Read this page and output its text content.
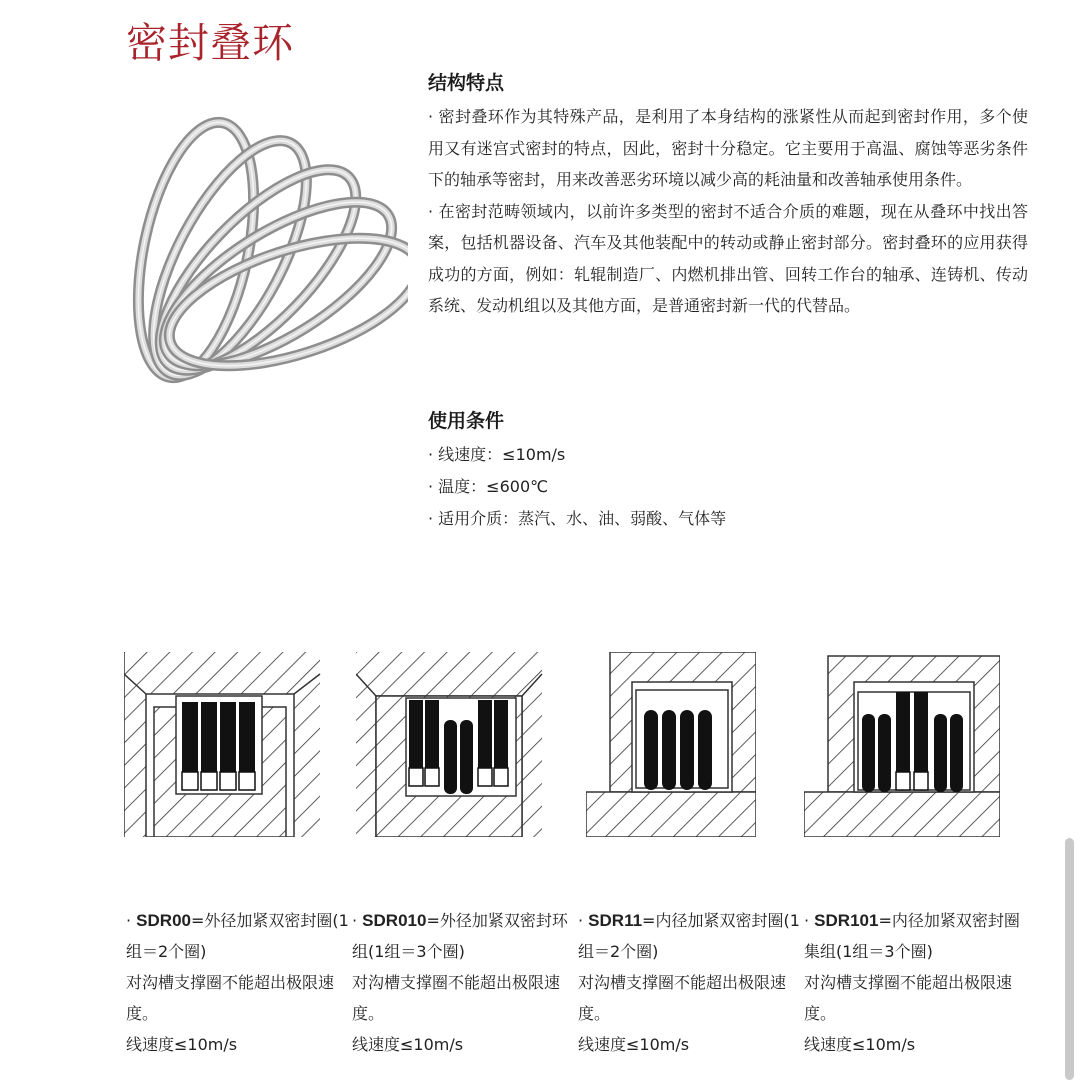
密封叠环
结构特点

· 密封叠环作为其特殊产品，是利用了本身结构的涨紧性从而起到密封作用，多个使用又有迷宫式密封的特点，因此，密封十分稳定。它主要用于高温、腐蚀等恶劣条件下的轴承等密封，用来改善恶劣环境以减少高的耗油量和改善轴承使用条件。

· 在密封范畴领域内，以前许多类型的密封不适合介质的难题，现在从叠环中找出答案，包括机器设备、汽车及其他装配中的转动或静止密封部分。密封叠环的应用获得成功的方面，例如：轧辊制造厂、内燃机排出管、回转工作台的轴承、连铸机、传动系统、发动机组以及其他方面，是普通密封新一代的代替品。

使用条件

· 线速度：≤10m/s

· 温度：≤600℃

· 适用介质：蒸汽、水、油、弱酸、气体等

· SDR00=外径加紧双密封圈(1组＝2个圈)

对沟槽支撑圈不能超出极限速度。

线速度≤10m/s

· SDR010=外径加紧双密封环组(1组＝3个圈)

对沟槽支撑圈不能超出极限速度。

线速度≤10m/s

· SDR11=内径加紧双密封圈(1组＝2个圈)

对沟槽支撑圈不能超出极限速度。

线速度≤10m/s

· SDR101=内径加紧双密封圈集组(1组＝3个圈)

对沟槽支撑圈不能超出极限速度。

线速度≤10m/s
